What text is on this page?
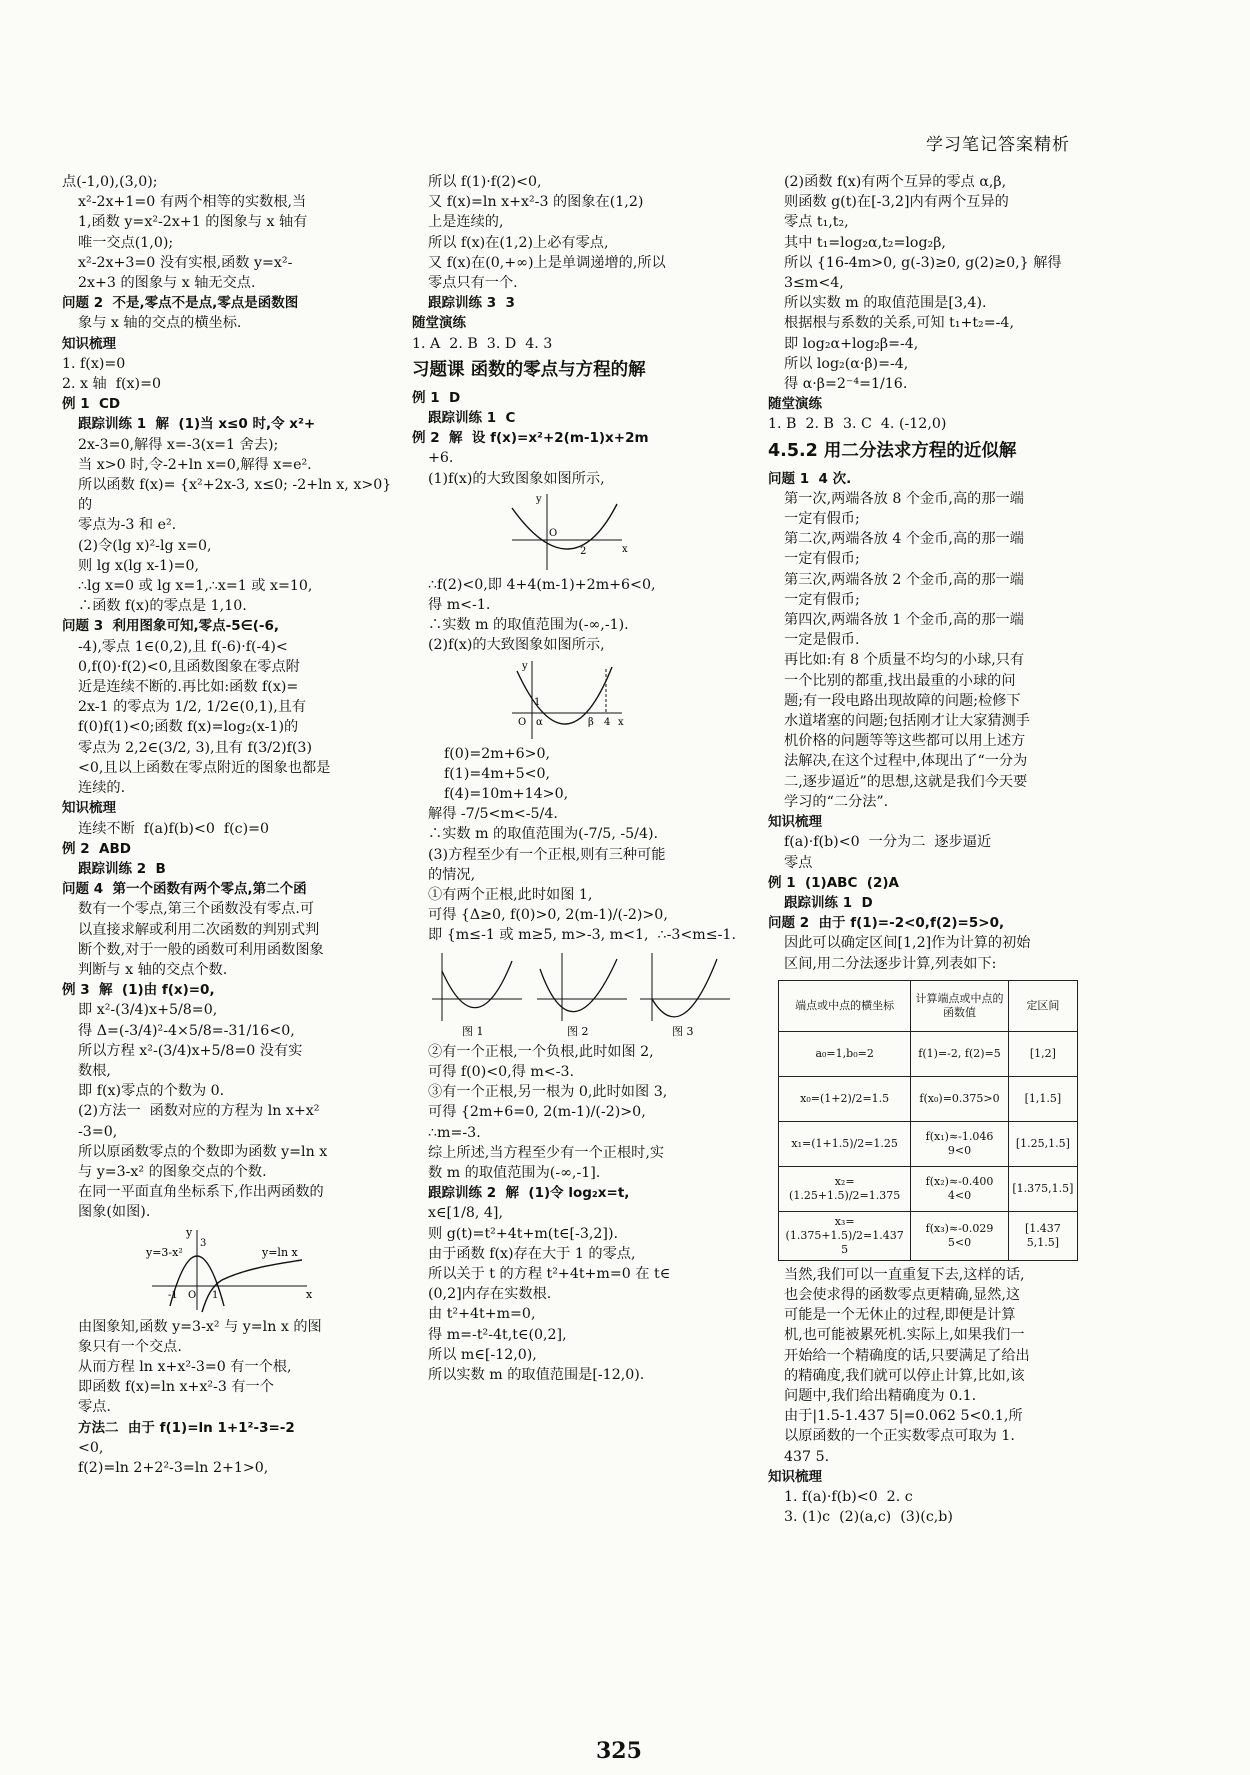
学习笔记答案精析

点(-1,0),(3,0);

x²-2x+1=0 有两个相等的实数根,当

1,函数 y=x²-2x+1 的图象与 x 轴有

唯一交点(1,0);

x²-2x+3=0 没有实根,函数 y=x²-

2x+3 的图象与 x 轴无交点.

问题 2  不是,零点不是点,零点是函数图

象与 x 轴的交点的横坐标.

知识梳理

1. f(x)=0

2. x 轴  f(x)=0

例 1  CD

跟踪训练 1  解  (1)当 x≤0 时,令 x²+

2x-3=0,解得 x=-3(x=1 舍去);

当 x>0 时,令-2+ln x=0,解得 x=e².

所以函数 f(x)= {x²+2x-3, x≤0; -2+ln x, x>0} 的

零点为-3 和 e².

(2)令(lg x)²-lg x=0,

则 lg x(lg x-1)=0,

∴lg x=0 或 lg x=1,∴x=1 或 x=10,

∴函数 f(x)的零点是 1,10.

问题 3  利用图象可知,零点-5∈(-6,

-4),零点 1∈(0,2),且 f(-6)·f(-4)<

0,f(0)·f(2)<0,且函数图象在零点附

近是连续不断的.再比如:函数 f(x)=

2x-1 的零点为 1/2, 1/2∈(0,1),且有

f(0)f(1)<0;函数 f(x)=log₂(x-1)的

零点为 2,2∈(3/2, 3),且有 f(3/2)f(3)

<0,且以上函数在零点附近的图象也都是

连续的.

知识梳理

连续不断  f(a)f(b)<0  f(c)=0

例 2  ABD

跟踪训练 2  B

问题 4  第一个函数有两个零点,第二个函

数有一个零点,第三个函数没有零点.可

以直接求解或利用二次函数的判别式判

断个数,对于一般的函数可利用函数图象

判断与 x 轴的交点个数.

例 3  解  (1)由 f(x)=0,

即 x²-(3/4)x+5/8=0,

得 Δ=(-3/4)²-4×5/8=-31/16<0,

所以方程 x²-(3/4)x+5/8=0 没有实

数根,

即 f(x)零点的个数为 0.

(2)方法一  函数对应的方程为 ln x+x²

-3=0,

所以原函数零点的个数即为函数 y=ln x

与 y=3-x² 的图象交点的个数.

在同一平面直角坐标系下,作出两函数的

图象(如图).

y=3-x²	y=ln x
y
x
3
O
-1	1

由图象知,函数 y=3-x² 与 y=ln x 的图

象只有一个交点.

从而方程 ln x+x²-3=0 有一个根,

即函数 f(x)=ln x+x²-3 有一个

零点.

方法二  由于 f(1)=ln 1+1²-3=-2

<0,

f(2)=ln 2+2²-3=ln 2+1>0,

所以 f(1)·f(2)<0,

又 f(x)=ln x+x²-3 的图象在(1,2)

上是连续的,

所以 f(x)在(1,2)上必有零点,

又 f(x)在(0,+∞)上是单调递增的,所以

零点只有一个.

跟踪训练 3  3

随堂演练

1. A  2. B  3. D  4. 3

习题课 函数的零点与方程的解

例 1  D

跟踪训练 1  C

例 2  解  设 f(x)=x²+2(m-1)x+2m

+6.

(1)f(x)的大致图象如图所示,

y
x
O
2

∴f(2)<0,即 4+4(m-1)+2m+6<0,

得 m<-1.

∴实数 m 的取值范围为(-∞,-1).

(2)f(x)的大致图象如图所示,

y
x
O
1
α	β 4

f(0)=2m+6>0,

f(1)=4m+5<0,

f(4)=10m+14>0,

解得 -7/5<m<-5/4.

∴实数 m 的取值范围为(-7/5, -5/4).

(3)方程至少有一个正根,则有三种可能

的情况,

①有两个正根,此时如图 1,

可得 {Δ≥0, f(0)>0, 2(m-1)/(-2)>0,

即 {m≤-1 或 m≥5, m>-3, m<1,  ∴-3<m≤-1.

图 1	图 2	图 3

②有一个正根,一个负根,此时如图 2,

可得 f(0)<0,得 m<-3.

③有一个正根,另一根为 0,此时如图 3,

可得 {2m+6=0, 2(m-1)/(-2)>0,

∴m=-3.

综上所述,当方程至少有一个正根时,实

数 m 的取值范围为(-∞,-1].

跟踪训练 2  解  (1)令 log₂x=t,

x∈[1/8, 4],

则 g(t)=t²+4t+m(t∈[-3,2]).

由于函数 f(x)存在大于 1 的零点,

所以关于 t 的方程 t²+4t+m=0 在 t∈

(0,2]内存在实数根.

由 t²+4t+m=0,

得 m=-t²-4t,t∈(0,2],

所以 m∈[-12,0),

所以实数 m 的取值范围是[-12,0).

(2)函数 f(x)有两个互异的零点 α,β,

则函数 g(t)在[-3,2]内有两个互异的

零点 t₁,t₂,

其中 t₁=log₂α,t₂=log₂β,

所以 {16-4m>0, g(-3)≥0, g(2)≥0,} 解得 3≤m<4,

所以实数 m 的取值范围是[3,4).

根据根与系数的关系,可知 t₁+t₂=-4,

即 log₂α+log₂β=-4,

所以 log₂(α·β)=-4,

得 α·β=2⁻⁴=1/16.

随堂演练

1. B  2. B  3. C  4. (-12,0)

4.5.2 用二分法求方程的近似解

问题 1  4 次.

第一次,两端各放 8 个金币,高的那一端

一定有假币;

第二次,两端各放 4 个金币,高的那一端

一定有假币;

第三次,两端各放 2 个金币,高的那一端

一定有假币;

第四次,两端各放 1 个金币,高的那一端

一定是假币.

再比如:有 8 个质量不均匀的小球,只有

一个比别的都重,找出最重的小球的问

题;有一段电路出现故障的问题;检修下

水道堵塞的问题;包括刚才让大家猜测手

机价格的问题等等这些都可以用上述方

法解决,在这个过程中,体现出了“一分为

二,逐步逼近”的思想,这就是我们今天要

学习的“二分法”.

知识梳理

f(a)·f(b)<0  一分为二  逐步逼近

零点

例 1  (1)ABC  (2)A

跟踪训练 1  D

问题 2  由于 f(1)=-2<0,f(2)=5>0,

因此可以确定区间[1,2]作为计算的初始

区间,用二分法逐步计算,列表如下:

端点或中点的横坐标	计算端点或中点的函数值	定区间
a₀=1,b₀=2	f(1)=-2, f(2)=5	[1,2]
x₀=(1+2)/2=1.5	f(x₀)=0.375>0	[1,1.5]
x₁=(1+1.5)/2=1.25	f(x₁)≈-1.046 9<0	[1.25,1.5]
x₂=(1.25+1.5)/2=1.375	f(x₂)≈-0.400 4<0	[1.375,1.5]
x₃=(1.375+1.5)/2=1.437 5	f(x₃)≈-0.029 5<0	[1.437 5,1.5]

当然,我们可以一直重复下去,这样的话,

也会使求得的函数零点更精确,显然,这

可能是一个无休止的过程,即便是计算

机,也可能被累死机.实际上,如果我们一

开始给一个精确度的话,只要满足了给出

的精确度,我们就可以停止计算,比如,该

问题中,我们给出精确度为 0.1.

由于|1.5-1.437 5|=0.062 5<0.1,所

以原函数的一个正实数零点可取为 1.

437 5.

知识梳理

1. f(a)·f(b)<0  2. c

3. (1)c  (2)(a,c)  (3)(c,b)

325
